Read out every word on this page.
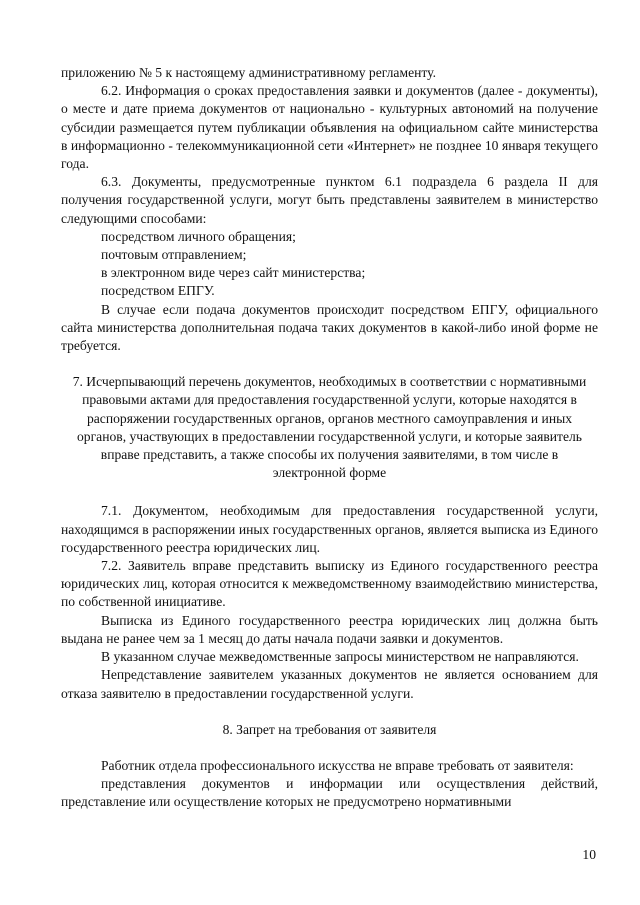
приложению № 5 к настоящему административному регламенту.

6.2. Информация о сроках предоставления заявки и документов (далее - документы), о месте и дате приема документов от национально - культурных автономий на получение субсидии размещается путем публикации объявления на официальном сайте министерства в информационно - телекоммуникационной сети «Интернет» не позднее 10 января текущего года.

6.3. Документы, предусмотренные пунктом 6.1 подраздела 6 раздела II для получения государственной услуги, могут быть представлены заявителем в министерство следующими способами:

посредством личного обращения;

почтовым отправлением;

в электронном виде через сайт министерства;

посредством ЕПГУ.

В случае если подача документов происходит посредством ЕПГУ, официального сайта министерства дополнительная подача таких документов в какой-либо иной форме не требуется.

7. Исчерпывающий перечень документов, необходимых в соответствии с нормативными правовыми актами для предоставления государственной услуги, которые находятся в распоряжении государственных органов, органов местного самоуправления и иных органов, участвующих в предоставлении государственной услуги, и которые заявитель вправе представить, а также способы их получения заявителями, в том числе в электронной форме

7.1. Документом, необходимым для предоставления государственной услуги, находящимся в распоряжении иных государственных органов, является выписка из Единого государственного реестра юридических лиц.

7.2. Заявитель вправе представить выписку из Единого государственного реестра юридических лиц, которая относится к межведомственному взаимодействию министерства, по собственной инициативе.

Выписка из Единого государственного реестра юридических лиц должна быть выдана не ранее чем за 1 месяц до даты начала подачи заявки и документов.

В указанном случае межведомственные запросы министерством не направляются.

Непредставление заявителем указанных документов не является основанием для отказа заявителю в предоставлении государственной услуги.

8. Запрет на требования от заявителя

Работник отдела профессионального искусства не вправе требовать от заявителя:

представления документов и информации или осуществления действий, представление или осуществление которых не предусмотрено нормативными

10
